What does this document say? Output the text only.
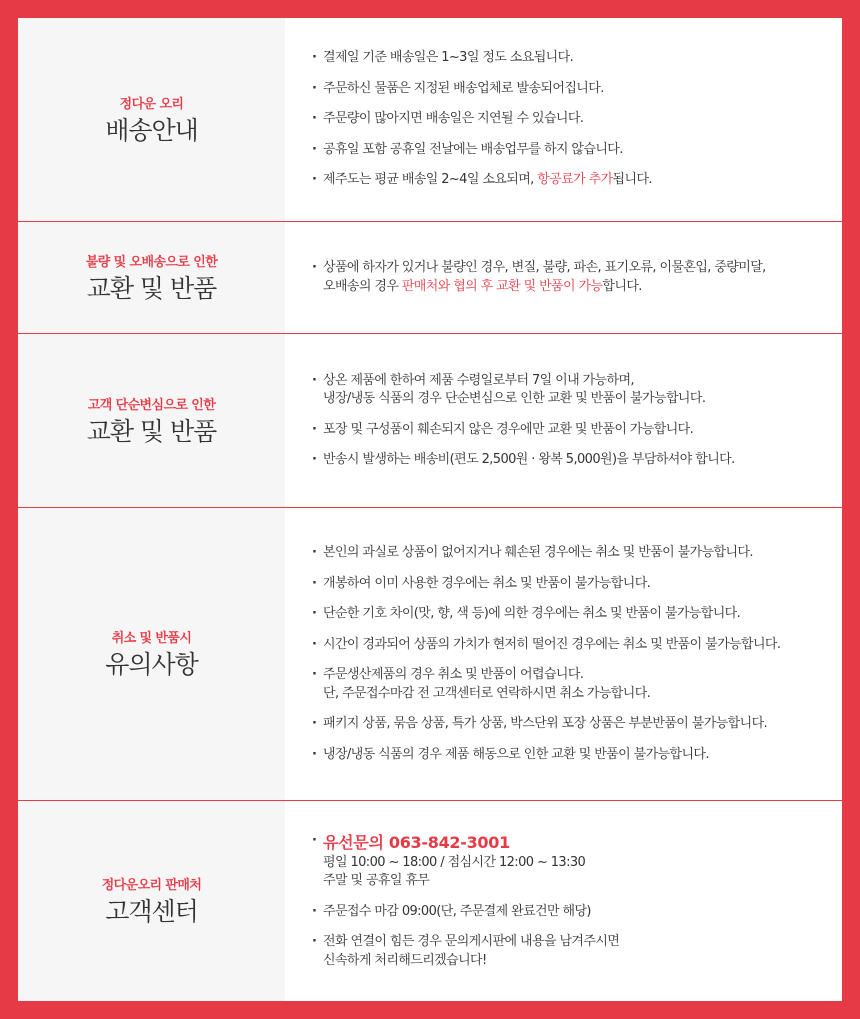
정다운 오리
배송안내
· 결제일 기준 배송일은 1~3일 정도 소요됩니다.
· 주문하신 물품은 지정된 배송업체로 발송되어집니다.
· 주문량이 많아지면 배송일은 지연될 수 있습니다.
· 공휴일 포함 공휴일 전날에는 배송업무를 하지 않습니다.
· 제주도는 평균 배송일 2~4일 소요되며, 항공료가 추가됩니다.
불량 및 오배송으로 인한
교환 및 반품
· 상품에 하자가 있거나 불량인 경우, 변질, 불량, 파손, 표기오류, 이물혼입, 중량미달,
오배송의 경우 판매처와 협의 후 교환 및 반품이 가능합니다.
고객 단순변심으로 인한
교환 및 반품
· 상온 제품에 한하여 제품 수령일로부터 7일 이내 가능하며,
냉장/냉동 식품의 경우 단순변심으로 인한 교환 및 반품이 불가능합니다.
· 포장 및 구성품이 훼손되지 않은 경우에만 교환 및 반품이 가능합니다.
· 반송시 발생하는 배송비(편도 2,500원 · 왕복 5,000원)을 부담하셔야 합니다.
취소 및 반품시
유의사항
· 본인의 과실로 상품이 없어지거나 훼손된 경우에는 취소 및 반품이 불가능합니다.
· 개봉하여 이미 사용한 경우에는 취소 및 반품이 불가능합니다.
· 단순한 기호 차이(맛, 향, 색 등)에 의한 경우에는 취소 및 반품이 불가능합니다.
· 시간이 경과되어 상품의 가치가 현저히 떨어진 경우에는 취소 및 반품이 불가능합니다.
· 주문생산제품의 경우 취소 및 반품이 어렵습니다.
단, 주문접수마감 전 고객센터로 연락하시면 취소 가능합니다.
· 패키지 상품, 묶음 상품, 특가 상품, 박스단위 포장 상품은 부분반품이 불가능합니다.
· 냉장/냉동 식품의 경우 제품 해동으로 인한 교환 및 반품이 불가능합니다.
정다운오리 판매처
고객센터
· 유선문의 063-842-3001
평일 10:00 ~ 18:00 / 점심시간 12:00 ~ 13:30
주말 및 공휴일 휴무
· 주문접수 마감 09:00(단, 주문결제 완료건만 해당)
· 전화 연결이 힘든 경우 문의게시판에 내용을 남겨주시면
신속하게 처리해드리겠습니다!
